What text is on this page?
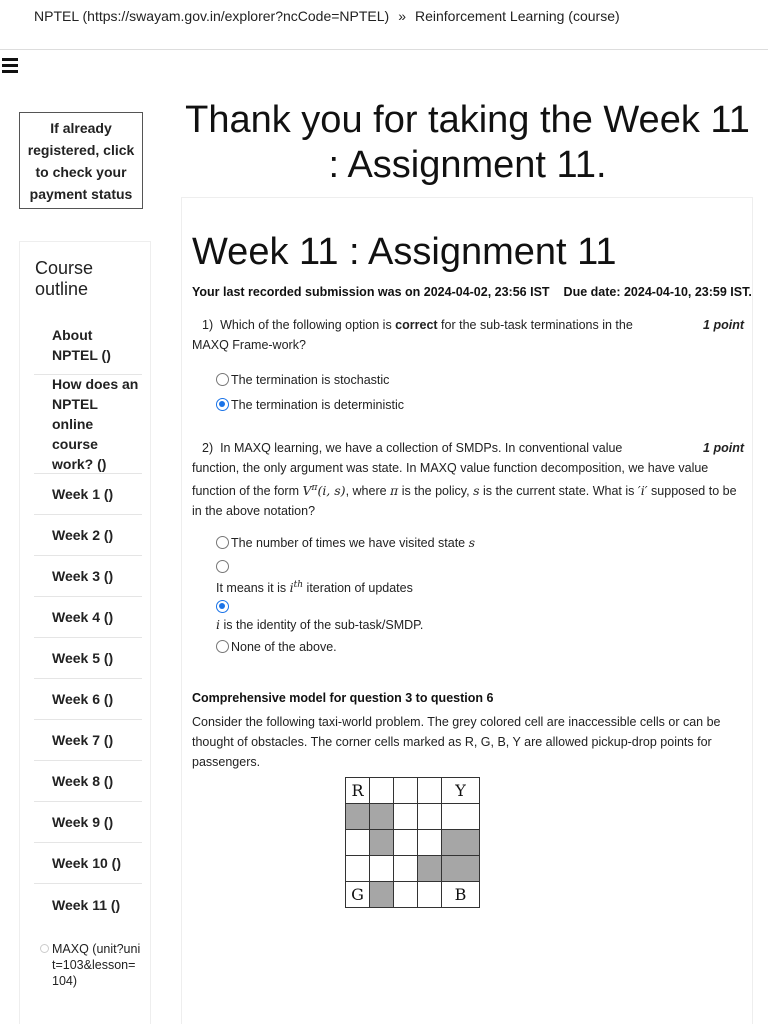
NPTEL (https://swayam.gov.in/explorer?ncCode=NPTEL) » Reinforcement Learning (course)
If already registered, click to check your payment status
Course outline
About NPTEL ()
How does an NPTEL online course work? ()
Week 1 ()
Week 2 ()
Week 3 ()
Week 4 ()
Week 5 ()
Week 6 ()
Week 7 ()
Week 8 ()
Week 9 ()
Week 10 ()
Week 11 ()
MAXQ (unit?unit=103&lesson=104)
Thank you for taking the Week 11 : Assignment 11.
Week 11 : Assignment 11
Your last recorded submission was on 2024-04-02, 23:56 IST Due date: 2024-04-10, 23:59 IST.
1 point
1) Which of the following option is correct for the sub-task terminations in the MAXQ Frame-work?
The termination is stochastic
The termination is deterministic
1 point
2) In MAXQ learning, we have a collection of SMDPs. In conventional value function, the only argument was state. In MAXQ value function decomposition, we have value function of the form $V^\pi(i$, s), where π is the policy, s is the current state. What is ′i′ supposed to be in the above notation?
The number of times we have visited state s

It means it is $i^{th}$ iteration of updates

i is the identity of the sub-task/SMDP.
None of the above.
Comprehensive model for question 3 to question 6
Consider the following taxi-world problem. The grey colored cell are inaccessible cells or can be thought of obstacles. The corner cells marked as R, G, B, Y are allowed pickup-drop points for passengers.
R				Y

G				B
